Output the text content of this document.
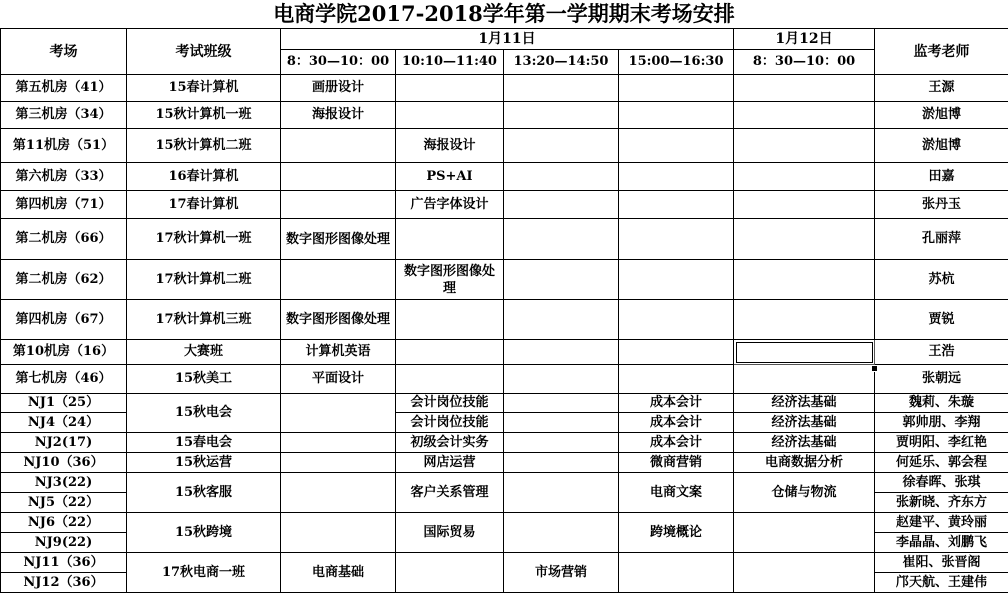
电商学院2017-2018学年第一学期期末考场安排
考场	考试班级	1月11日				1月12日	监考老师
		8：30—10：00	10:10—11:40	13:20—14:50	15:00—16:30	8：30—10：00	
第五机房（41）	15春计算机	画册设计					王源
第三机房（34）	15秋计算机一班	海报设计					淤旭博
第11机房（51）	15秋计算机二班		海报设计				淤旭博
第六机房（33）	16春计算机		PS+AI				田嘉
第四机房（71）	17春计算机		广告字体设计				张丹玉
第二机房（66）	17秋计算机一班	数字图形图像处理					孔丽萍
第二机房（62）	17秋计算机二班		数字图形图像处理				苏杭
第四机房（67）	17秋计算机三班	数字图形图像处理					贾锐
第10机房（16）	大赛班	计算机英语					王浩
第七机房（46）	15秋美工	平面设计					张朝远
NJ1（25）	15秋电会		会计岗位技能		成本会计	经济法基础	魏莉、朱璇
NJ4（24）			会计岗位技能		成本会计	经济法基础	郭帅朋、李翔
NJ2(17)	15春电会		初级会计实务		成本会计	经济法基础	贾明阳、李红艳
NJ10（36）	15秋运营		网店运营		微商营销	电商数据分析	何延乐、郭会程
NJ3(22)	15秋客服		客户关系管理		电商文案	仓储与物流	徐春晖、张琪
NJ5（22）							张新晓、齐东方
NJ6（22）	15秋跨境		国际贸易		跨境概论		赵建平、黄玲丽
NJ9(22)							李晶晶、刘鹏飞
NJ11（36）	17秋电商一班	电商基础		市场营销			崔阳、张晋阁
NJ12（36）							邝天航、王建伟
